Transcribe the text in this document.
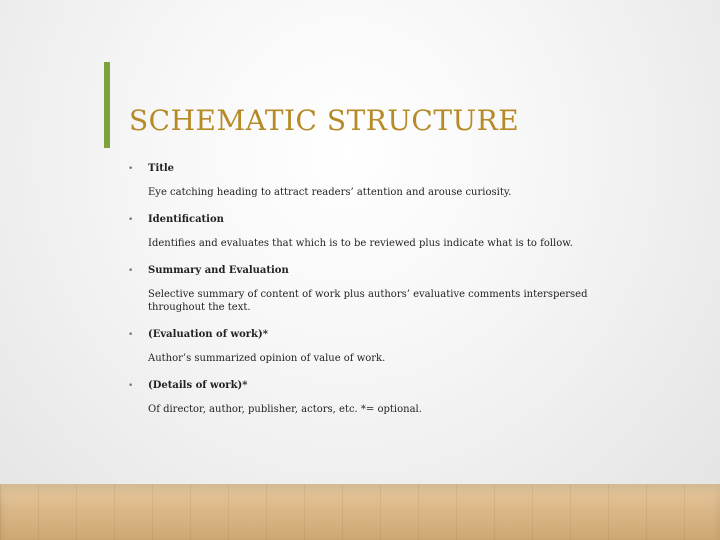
SCHEMATIC STRUCTURE
• Title
Eye catching heading to attract readers’ attention and arouse curiosity.
• Identification
Identifies and evaluates that which is to be reviewed plus indicate what is to follow.
• Summary and Evaluation
Selective summary of content of work plus authors’ evaluative comments interspersed throughout the text.
• (Evaluation of work)*
Author’s summarized opinion of value of work.
• (Details of work)*
Of director, author, publisher, actors, etc. *= optional.
